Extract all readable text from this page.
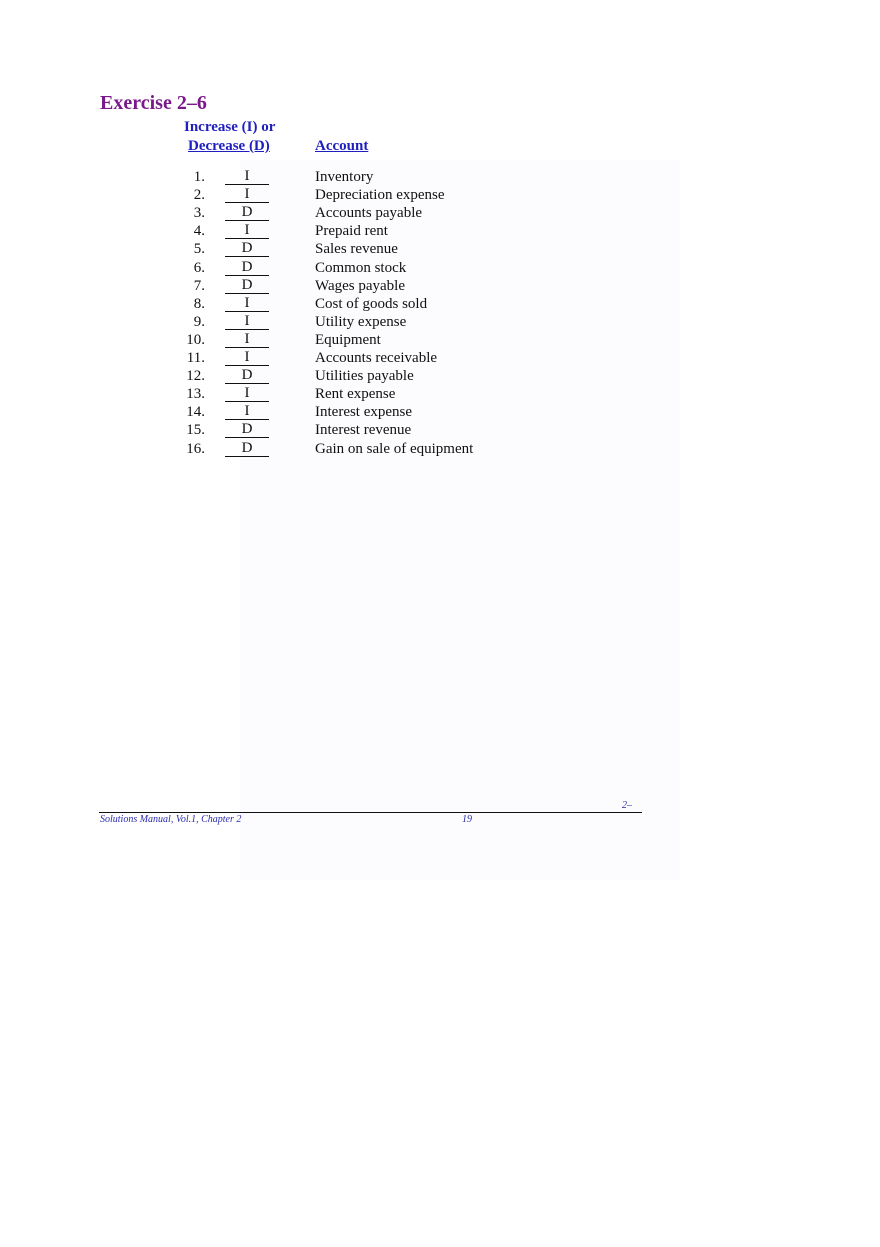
Exercise 2–6
Increase (I) or
Decrease (D)	Account
1.	I	Inventory
2.	I	Depreciation expense
3.	D	Accounts payable
4.	I	Prepaid rent
5.	D	Sales revenue
6.	D	Common stock
7.	D	Wages payable
8.	I	Cost of goods sold
9.	I	Utility expense
10.	I	Equipment
11.	I	Accounts receivable
12.	D	Utilities payable
13.	I	Rent expense
14.	I	Interest expense
15.	D	Interest revenue
16.	D	Gain on sale of equipment
2–
Solutions Manual, Vol.1, Chapter 2	19
